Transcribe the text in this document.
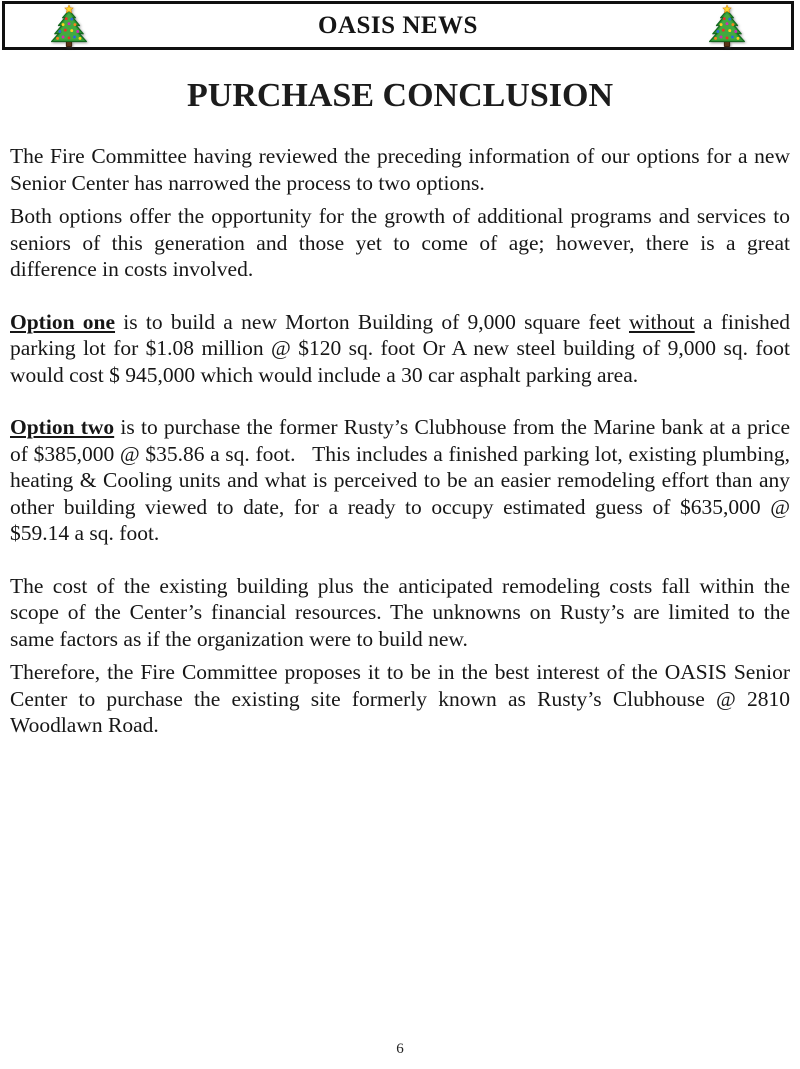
OASIS NEWS
PURCHASE CONCLUSION

The Fire Committee having reviewed the preceding information of our options for a new Senior Center has narrowed the process to two options.

Both options offer the opportunity for the growth of additional programs and services to seniors of this generation and those yet to come of age; however, there is a great difference in costs involved.

Option one is to build a new Morton Building of 9,000 square feet without a finished parking lot for $1.08 million @ $120 sq. foot Or A new steel building of 9,000 sq. foot would cost $ 945,000 which would include a 30 car asphalt parking area.

Option two is to purchase the former Rusty’s Clubhouse from the Marine bank at a price of $385,000 @ $35.86 a sq. foot.   This includes a finished parking lot, existing plumbing, heating & Cooling units and what is perceived to be an easier remodeling effort than any other building viewed to date, for a ready to occupy estimated guess of $635,000 @ $59.14 a sq. foot.

The cost of the existing building plus the anticipated remodeling costs fall within the scope of the Center’s financial resources. The unknowns on Rusty’s are limited to the same factors as if the organization were to build new.

Therefore, the Fire Committee proposes it to be in the best interest of the OASIS Senior Center to purchase the existing site formerly known as Rusty’s Clubhouse @ 2810 Woodlawn Road.

6
